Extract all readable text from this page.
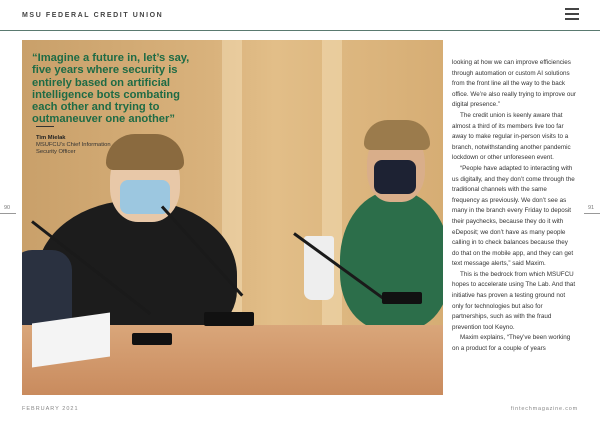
MSU FEDERAL CREDIT UNION
“Imagine a future in, let’s say,
five years where security is
entirely based on artificial
intelligence bots combating
each other and trying to
outmaneuver one another”
Tim Mielak
MSUFCU’s Chief Information Security Officer

looking at how we can improve efficiencies through automation or custom AI solutions from the front line all the way to the back office. We’re also really trying to improve our digital presence.”

The credit union is keenly aware that almost a third of its members live too far away to make regular in-person visits to a branch, notwithstanding another pandemic lockdown or other unforeseen event.

“People have adapted to interacting with us digitally, and they don’t come through the traditional channels with the same frequency as previously. We don’t see as many in the branch every Friday to deposit their paychecks, because they do it with eDeposit; we don’t have as many people calling in to check balances because they do that on the mobile app, and they can get text message alerts,” said Maxim.

This is the bedrock from which MSUFCU hopes to accelerate using The Lab. And that initiative has proven a testing ground not only for technologies but also for partnerships, such as with the fraud prevention tool Keyno.

Maxim explains, “They’ve been working on a product for a couple of years

90	91
FEBRUARY 2021	fintechmagazine.com
